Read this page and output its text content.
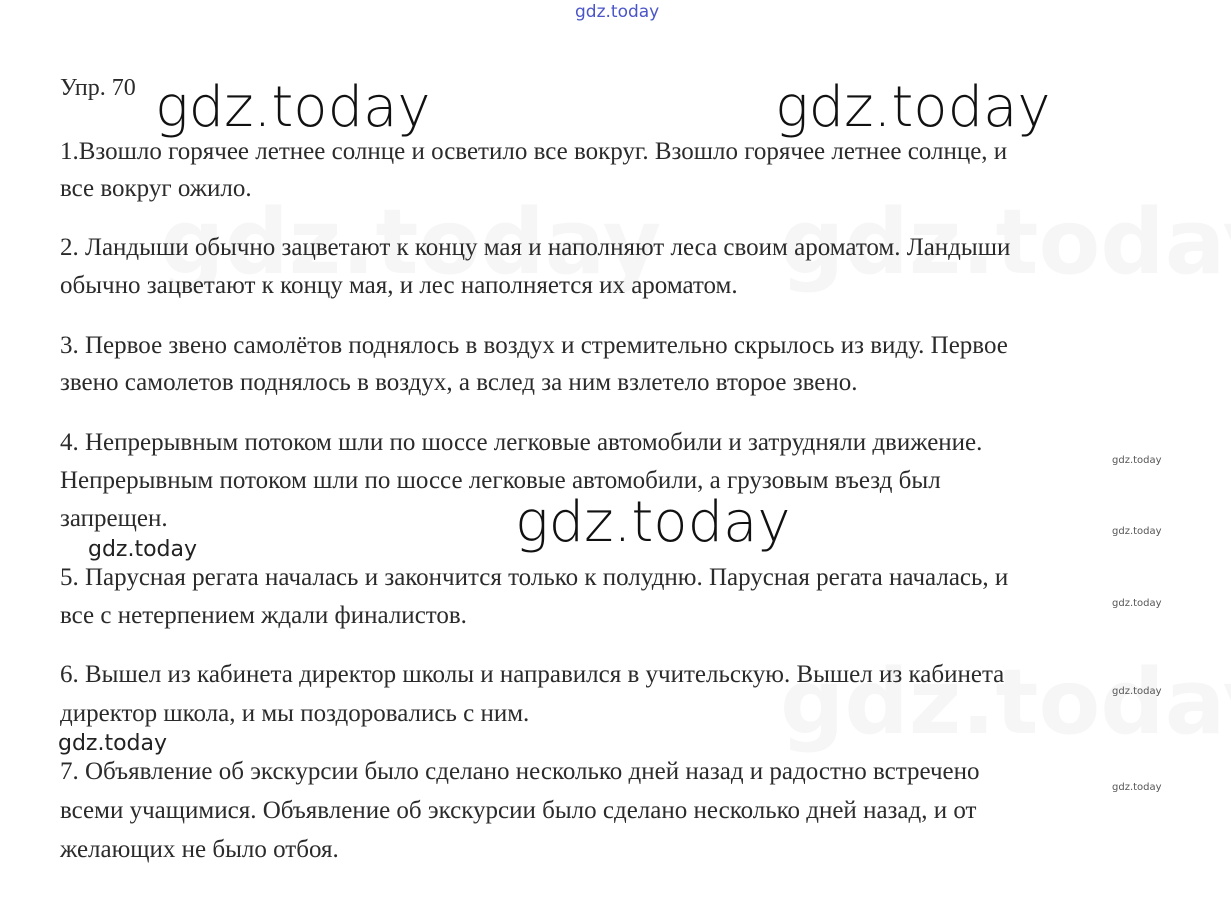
gdz.today
Упр. 70 gdz.today	gdz.today
gdz.today
gdz.today
gdz.today
gdz.today
gdz.today
gdz.today
gdz.today
gdz.today
1.Взошло горячее летнее солнце и осветило все вокруг. Взошло горячее летнее солнце, и
все вокруг ожило.
2. Ландыши обычно зацветают к концу мая и наполняют леса своим ароматом. Ландыши
обычно зацветают к концу мая, и лес наполняется их ароматом.
3. Первое звено самолётов поднялось в воздух и стремительно скрылось из виду. Первое
звено самолетов поднялось в воздух, а вслед за ним взлетело второе звено.
4. Непрерывным потоком шли по шоссе легковые автомобили и затрудняли движение.
Непрерывным потоком шли по шоссе легковые автомобили, а грузовым въезд был
запрещен.
5. Парусная регата началась и закончится только к полудню. Парусная регата началась, и
все с нетерпением ждали финалистов.
6. Вышел из кабинета директор школы и направился в учительскую. Вышел из кабинета
директор школа, и мы поздоровались с ним.
7. Объявление об экскурсии было сделано несколько дней назад и радостно встречено
всеми учащимися. Объявление об экскурсии было сделано несколько дней назад, и от
желающих не было отбоя.
